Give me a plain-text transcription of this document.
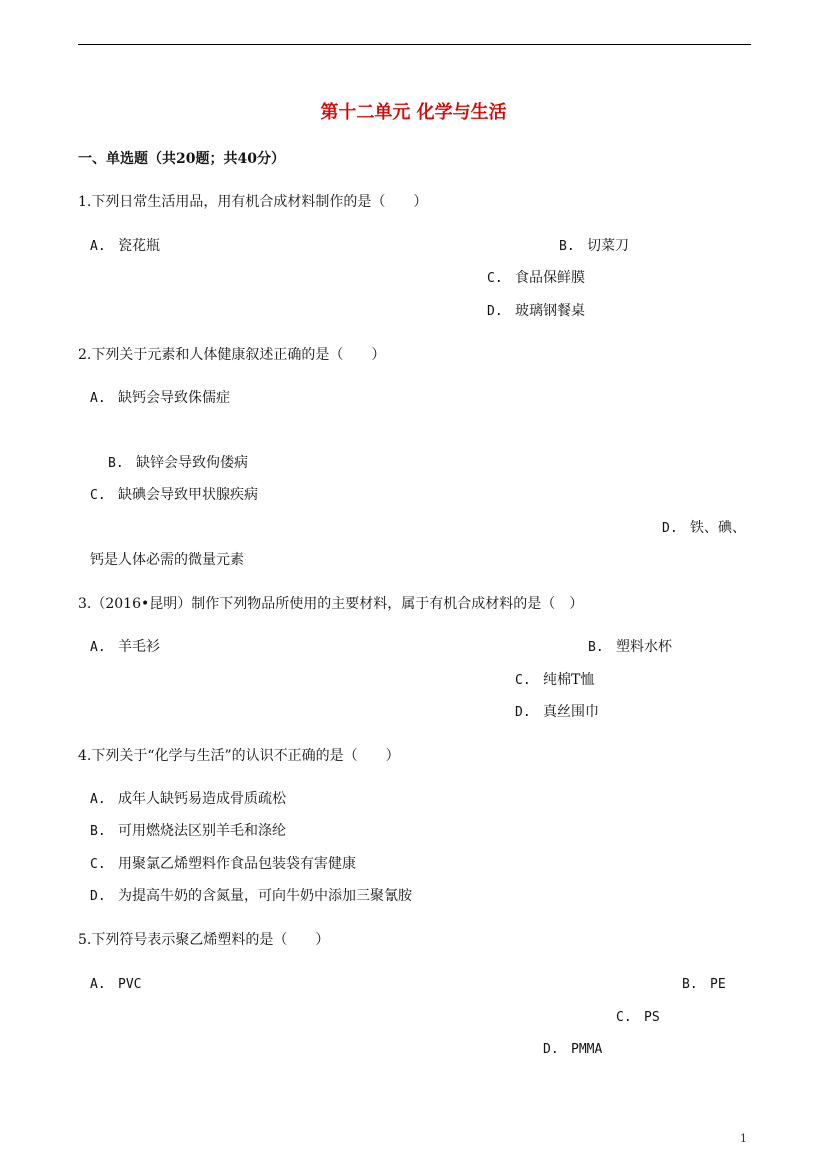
第十二单元 化学与生活
一、单选题（共20题；共40分）
1.下列日常生活用品，用有机合成材料制作的是（　　）
A. 瓷花瓶	B. 切菜刀
C. 食品保鲜膜
D. 玻璃钢餐桌
2.下列关于元素和人体健康叙述正确的是（　　）
A. 缺钙会导致侏儒症
B. 缺锌会导致佝偻病
C. 缺碘会导致甲状腺疾病
D. 铁、碘、
钙是人体必需的微量元素
3.（2016•昆明）制作下列物品所使用的主要材料，属于有机合成材料的是（　）
A. 羊毛衫	B. 塑料水杯
C. 纯棉T恤
D. 真丝围巾
4.下列关于“化学与生活”的认识不正确的是（　　）
A. 成年人缺钙易造成骨质疏松
B. 可用燃烧法区别羊毛和涤纶
C. 用聚氯乙烯塑料作食品包装袋有害健康
D. 为提高牛奶的含氮量，可向牛奶中添加三聚氰胺
5.下列符号表示聚乙烯塑料的是（　　）
A. PVC	B. PE
C. PS
D. PMMA
1
